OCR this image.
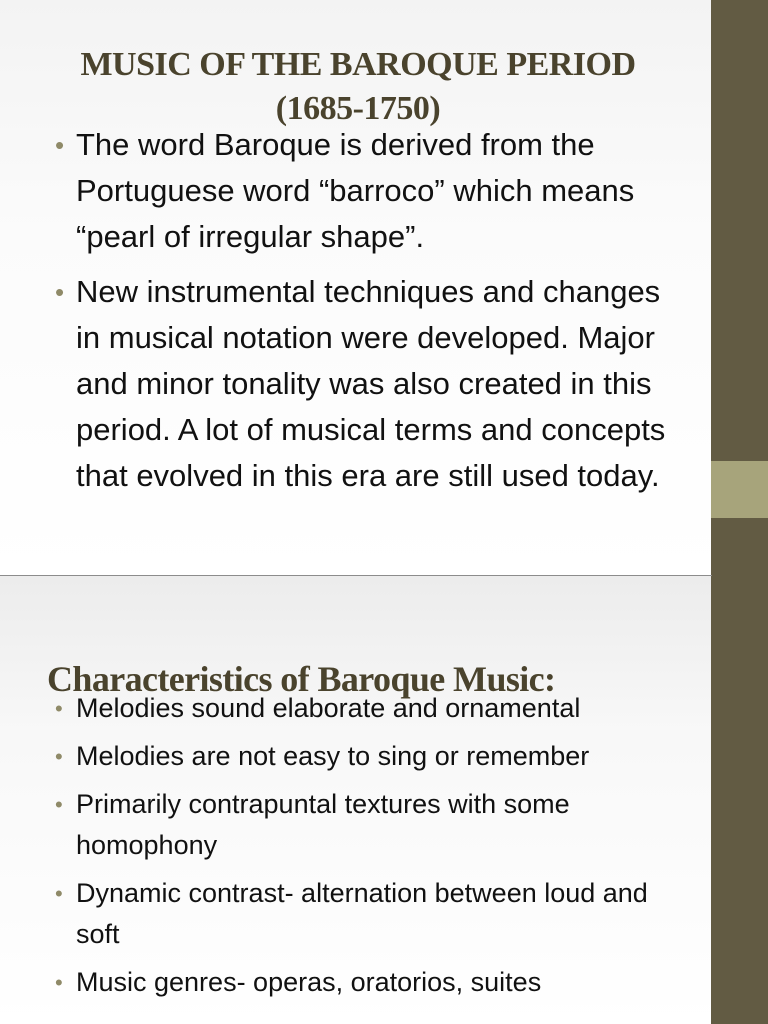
MUSIC OF THE BAROQUE PERIOD
(1685-1750)
• The word Baroque is derived from the Portuguese word “barroco” which means “pearl of irregular shape”.
• New instrumental techniques and changes in musical notation were developed. Major and minor tonality was also created in this period. A lot of musical terms and concepts that evolved in this era are still used today.
Characteristics of Baroque Music:
• Melodies sound elaborate and ornamental
• Melodies are not easy to sing or remember
• Primarily contrapuntal textures with some homophony
• Dynamic contrast- alternation between loud and soft
• Music genres- operas, oratorios, suites
